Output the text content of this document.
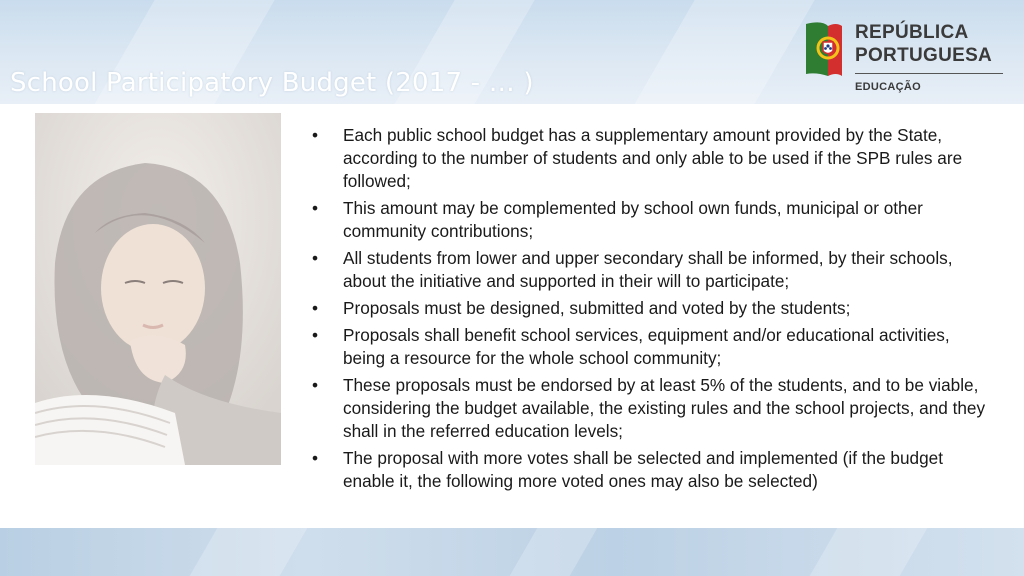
School Participatory Budget (2017 - … )
REPÚBLICA
PORTUGUESA
EDUCAÇÃO
• Each public school budget has a supplementary amount provided by the State, according to the number of students and only able to be used if the SPB rules are followed;
• This amount may be complemented by school own funds, municipal or other community contributions;
• All students from lower and upper secondary shall be informed, by their schools, about the initiative and supported in their will to participate;
• Proposals must be designed, submitted and voted by the students;
• Proposals shall benefit school services, equipment and/or educational activities, being a resource for the whole school community;
• These proposals must be endorsed by at least 5% of the students, and to be viable, considering the budget available, the existing rules and the school projects, and they shall in the referred education levels;
• The proposal with more votes shall be selected and implemented (if the budget enable it, the following more voted ones may also be selected)
